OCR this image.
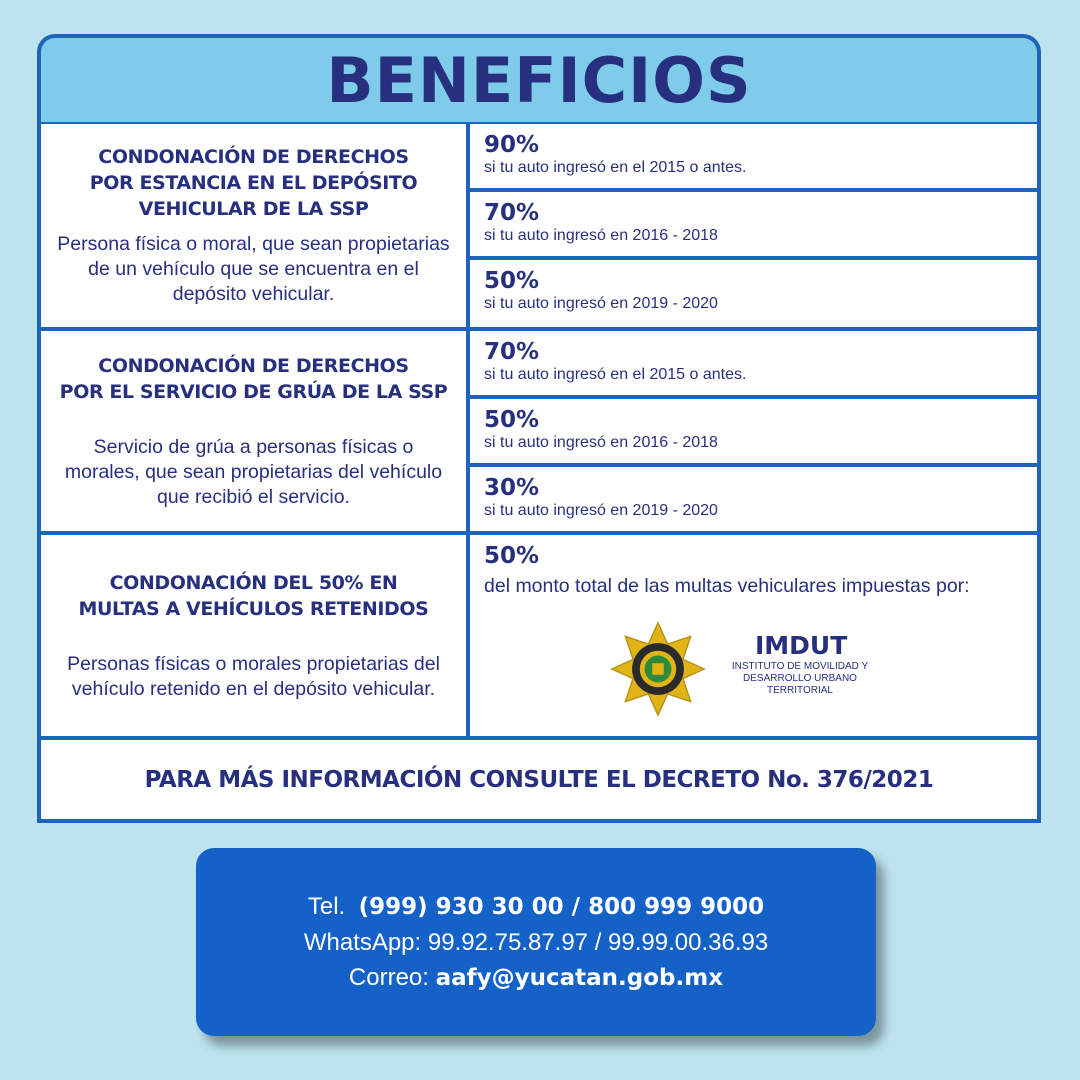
BENEFICIOS
CONDONACIÓN DE DERECHOS
POR ESTANCIA EN EL DEPÓSITO
VEHICULAR DE LA SSP
Persona física o moral, que sean propietarias de un vehículo que se encuentra en el depósito vehicular.
90%
si tu auto ingresó en el 2015 o antes.
70%
si tu auto ingresó en 2016 - 2018
50%
si tu auto ingresó en 2019 - 2020
CONDONACIÓN DE DERECHOS
POR EL SERVICIO DE GRÚA DE LA SSP
Servicio de grúa a personas físicas o morales, que sean propietarias del vehículo que recibió el servicio.
70%
si tu auto ingresó en el 2015 o antes.
50%
si tu auto ingresó en 2016 - 2018
30%
si tu auto ingresó en 2019 - 2020
CONDONACIÓN DEL 50% EN
MULTAS A VEHÍCULOS RETENIDOS
Personas físicas o morales propietarias del vehículo retenido en el depósito vehicular.
50%
del monto total de las multas vehiculares impuestas por:
IMDUT
INSTITUTO DE MOVILIDAD Y DESARROLLO URBANO TERRITORIAL
PARA MÁS INFORMACIÓN CONSULTE EL DECRETO No. 376/2021
Tel. (999) 930 30 00 / 800 999 9000
WhatsApp: 99.92.75.87.97 / 99.99.00.36.93
Correo: aafy@yucatan.gob.mx
